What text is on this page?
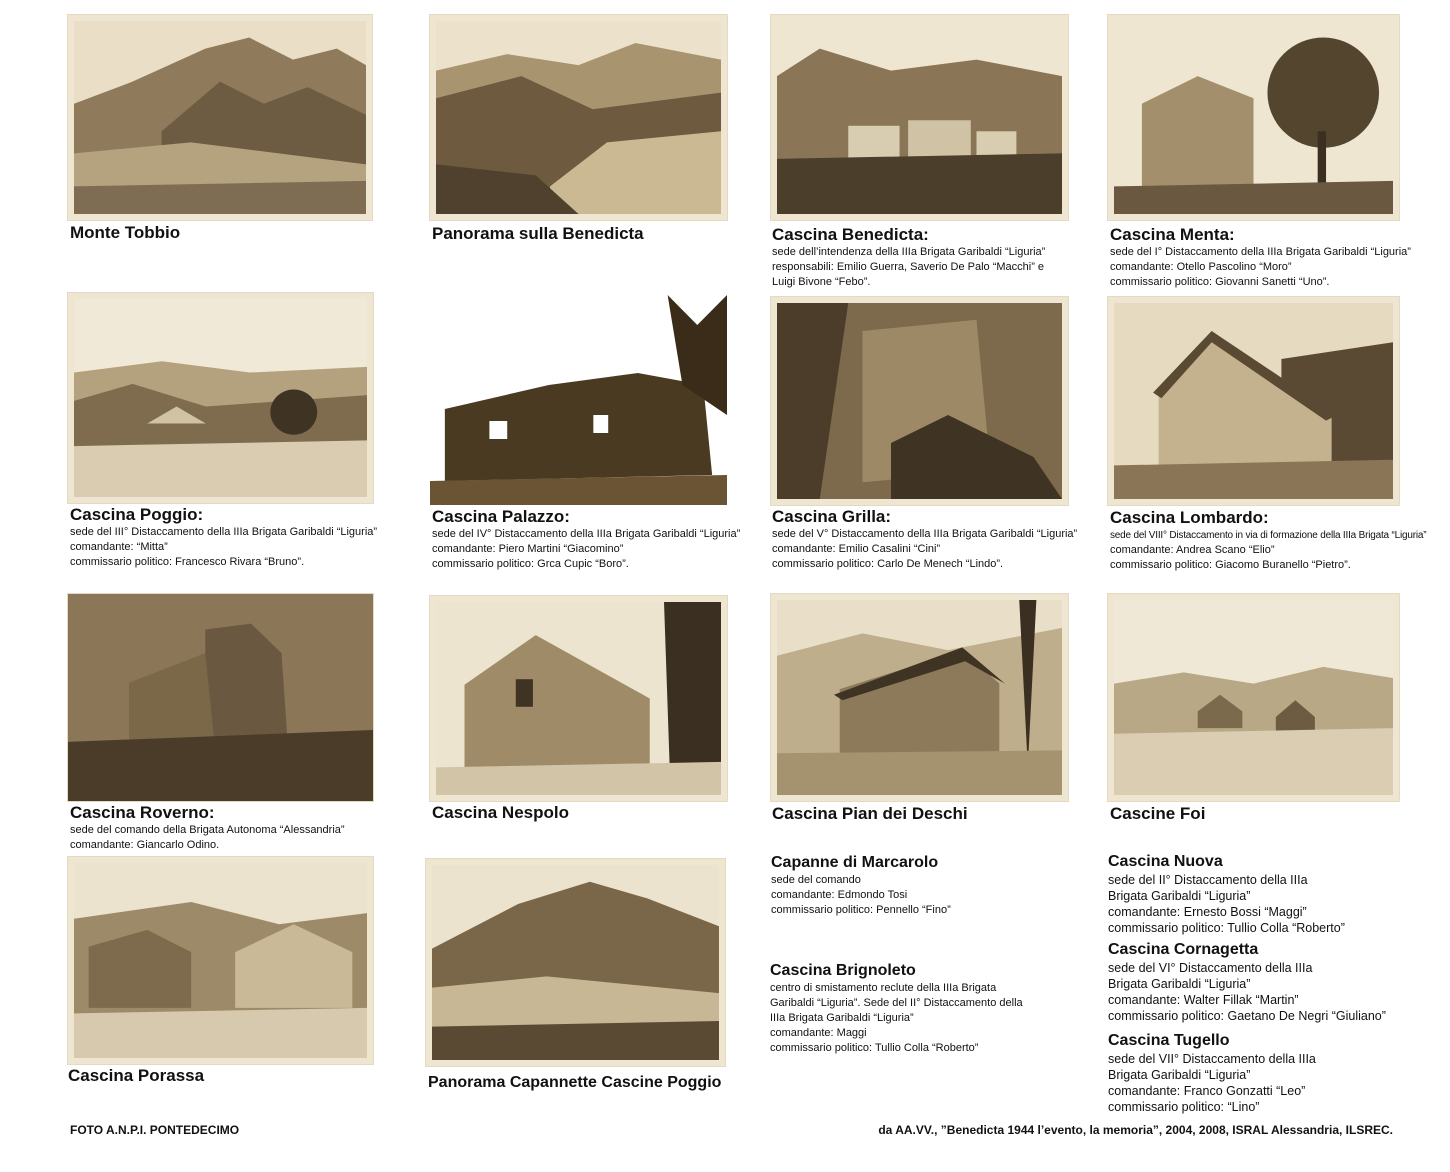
Monte Tobbio	Panorama sulla Benedicta	Cascina Benedicta:
sede dell’intendenza della IIIa Brigata Garibaldi “Liguria”
responsabili: Emilio Guerra, Saverio De Palo “Macchi” e
Luigi Bivone “Febo”.
Cascina Menta:
sede del I° Distaccamento della IIIa Brigata Garibaldi “Liguria”
comandante: Otello Pascolino “Moro”
commissario politico: Giovanni Sanetti “Uno”.
Cascina Poggio:
sede del III° Distaccamento della IIIa Brigata Garibaldi “Liguria”
comandante: “Mitta”
commissario politico: Francesco Rivara “Bruno”.
Cascina Palazzo:
sede del IV° Distaccamento della IIIa Brigata Garibaldi “Liguria”
comandante: Piero Martini “Giacomino”
commissario politico: Grca Cupic “Boro”.
Cascina Grilla:
sede del V° Distaccamento della IIIa Brigata Garibaldi “Liguria”
comandante: Emilio Casalini “Cini”
commissario politico: Carlo De Menech “Lindo”.
Cascina Lombardo:
sede del VIII° Distaccamento in via di formazione della IIIa Brigata “Liguria”
comandante: Andrea Scano “Elio”
commissario politico: Giacomo Buranello “Pietro”.
Cascina Roverno:
sede del comando della Brigata Autonoma “Alessandria”
comandante: Giancarlo Odino.
Cascina Nespolo	Cascina Pian dei Deschi	Cascine Foi
Cascina Porassa	Panorama Capannette Cascine Poggio
Capanne di Marcarolo
sede del comando
comandante: Edmondo Tosi
commissario politico: Pennello “Fino”
Cascina Brignoleto
centro di smistamento reclute della IIIa Brigata
Garibaldi “Liguria”. Sede del II° Distaccamento della
IIIa Brigata Garibaldi “Liguria”
comandante: Maggi
commissario politico: Tullio Colla “Roberto”
Cascina Nuova
sede del II° Distaccamento della IIIa
Brigata Garibaldi “Liguria”
comandante: Ernesto Bossi “Maggi”
commissario politico: Tullio Colla “Roberto”
Cascina Cornagetta
sede del VI° Distaccamento della IIIa
Brigata Garibaldi “Liguria”
comandante: Walter Fillak “Martin”
commissario politico: Gaetano De Negri “Giuliano”
Cascina Tugello
sede del VII° Distaccamento della IIIa
Brigata Garibaldi “Liguria”
comandante: Franco Gonzatti “Leo”
commissario politico: “Lino”
FOTO A.N.P.I. PONTEDECIMO	da AA.VV., ”Benedicta 1944 l’evento, la memoria”, 2004, 2008, ISRAL Alessandria, ILSREC.
